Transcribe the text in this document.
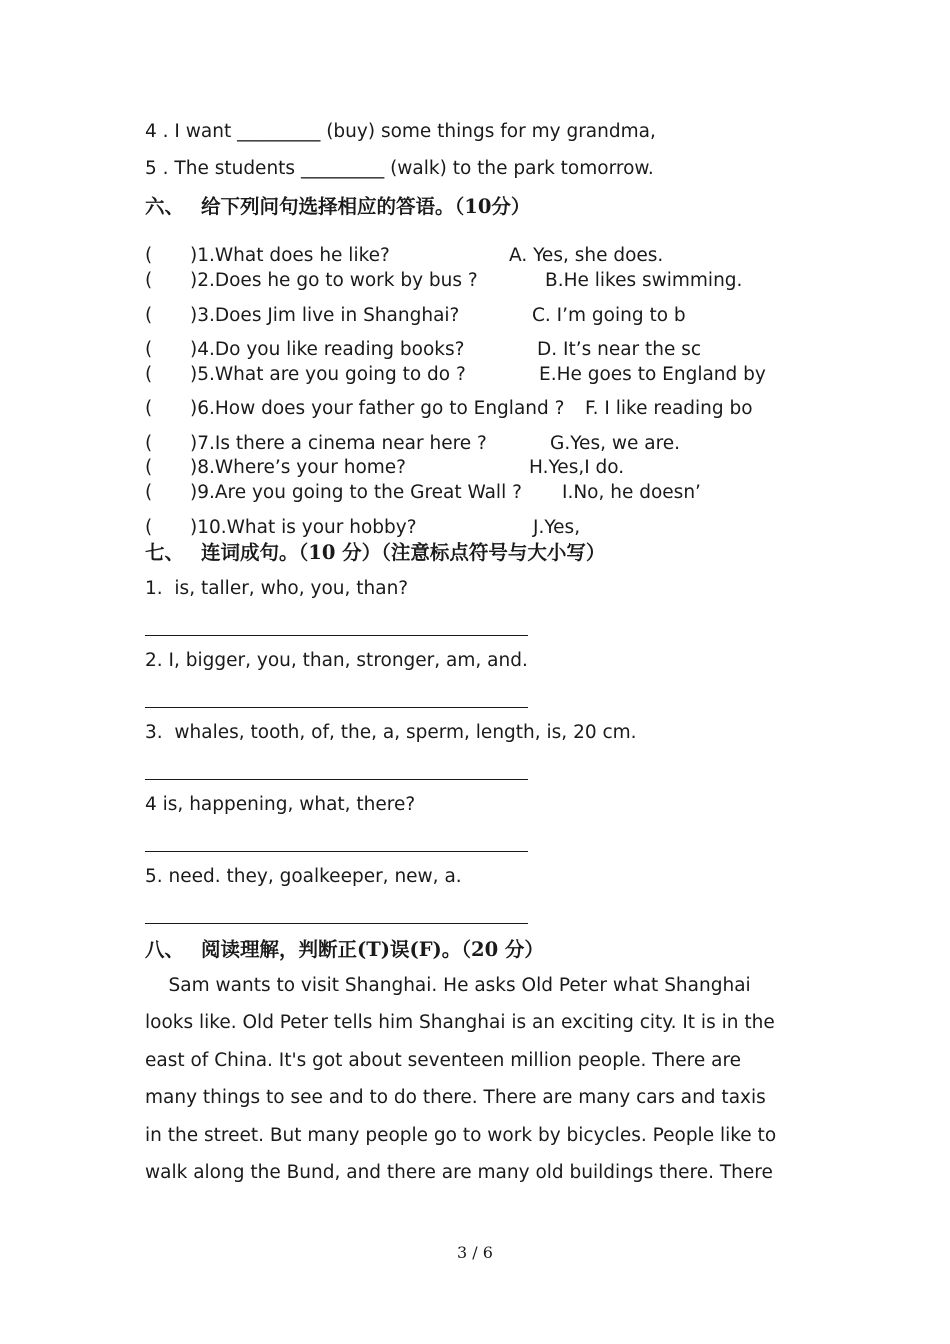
4 . I want _________ (buy) some things for my grandma,
5 . The students _________ (walk) to the park tomorrow.
六、 给下列问句选择相应的答语。（10分）
( )1.What does he like?	A. Yes, she does.
( )2.Does he go to work by bus ?	B.He likes swimming.
( )3.Does Jim live in Shanghai?	C. I’m going to b
( )4.Do you like reading books?	D. It’s near the sc
( )5.What are you going to do ?	E.He goes to England by
( )6.How does your father go to England ? F. I like reading bo
( )7.Is there a cinema near here ?	G.Yes, we are.
( )8.Where’s your home?	H.Yes,I do.
( )9.Are you going to the Great Wall ? I.No, he doesn’
( )10.What is your hobby?	J.Yes,
七、 连词成句。（10 分）（注意标点符号与大小写）
1.  is, taller, who, you, than?
2. I, bigger, you, than, stronger, am, and.
3.  whales, tooth, of, the, a, sperm, length, is, 20 cm.
4 is, happening, what, there?
5. need. they, goalkeeper, new, a.
八、 阅读理解，判断正(T)误(F)。（20 分）
Sam wants to visit Shanghai. He asks Old Peter what Shanghai
looks like. Old Peter tells him Shanghai is an exciting city. It is in the
east of China. It's got about seventeen million people. There are
many things to see and to do there. There are many cars and taxis
in the street. But many people go to work by bicycles. People like to
walk along the Bund, and there are many old buildings there. There
3 / 6
